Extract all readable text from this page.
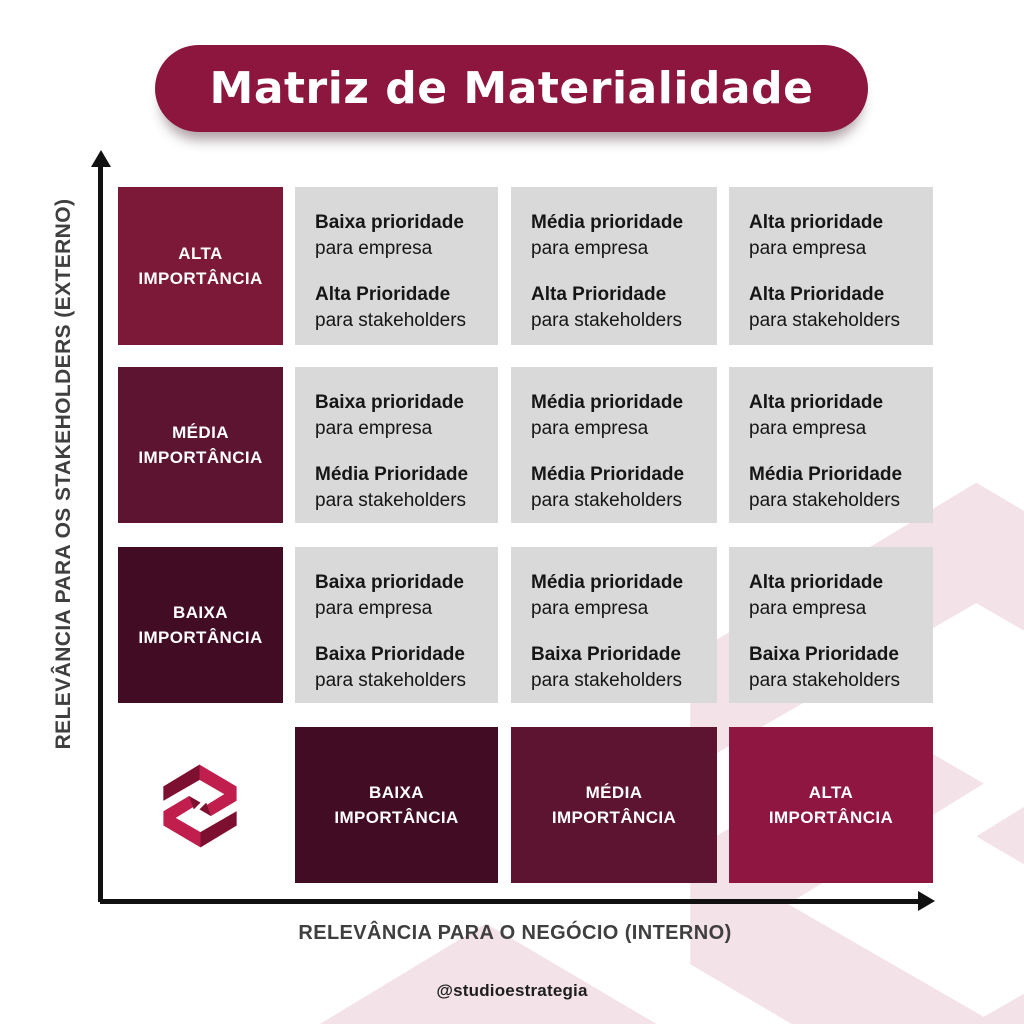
Matriz de Materialidade
RELEVÂNCIA PARA OS STAKEHOLDERS (EXTERNO)
RELEVÂNCIA PARA O NEGÓCIO (INTERNO)
ALTA
IMPORTÂNCIA
MÉDIA
IMPORTÂNCIA
BAIXA
IMPORTÂNCIA
Baixa prioridade
para empresa
Alta Prioridade
para stakeholders
Média prioridade
para empresa
Alta Prioridade
para stakeholders
Alta prioridade
para empresa
Alta Prioridade
para stakeholders
Baixa prioridade
para empresa
Média Prioridade
para stakeholders
Média prioridade
para empresa
Média Prioridade
para stakeholders
Alta prioridade
para empresa
Média Prioridade
para stakeholders
Baixa prioridade
para empresa
Baixa Prioridade
para stakeholders
Média prioridade
para empresa
Baixa Prioridade
para stakeholders
Alta prioridade
para empresa
Baixa Prioridade
para stakeholders
BAIXA
IMPORTÂNCIA
MÉDIA
IMPORTÂNCIA
ALTA
IMPORTÂNCIA
@studioestrategia
